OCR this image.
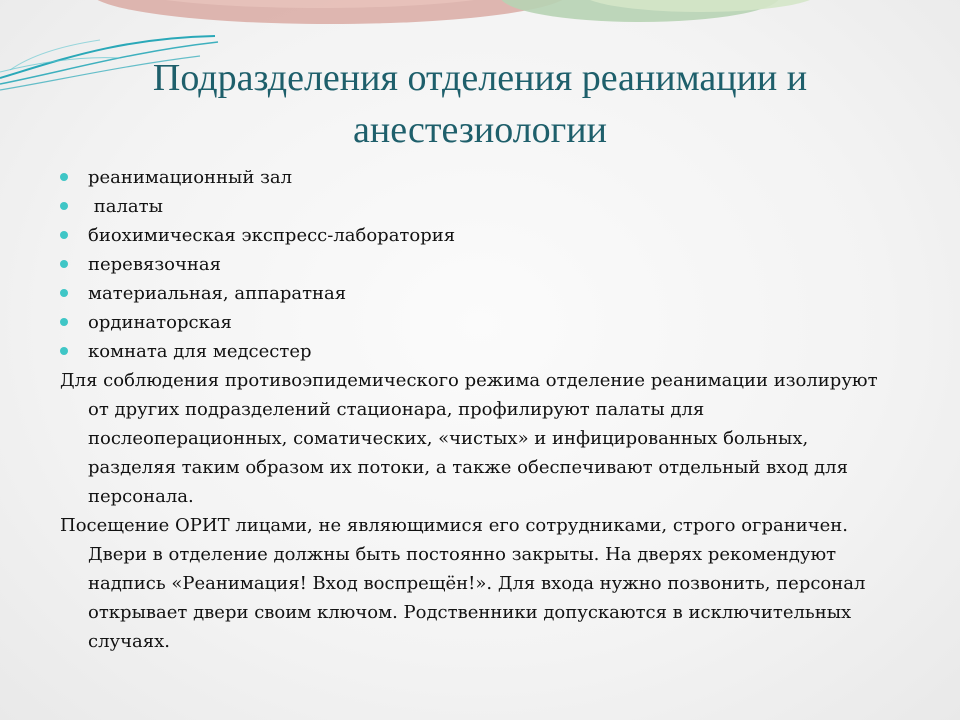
Подразделения отделения реанимации и анестезиологии
реанимационный зал
палаты
биохимическая экспресс-лаборатория
перевязочная
материальная, аппаратная
ординаторская
комната для медсестер

Для соблюдения противоэпидемического режима отделение реанимации изолируют от других подразделений стационара, профилируют палаты для послеоперационных, соматических, «чистых» и инфицированных больных, разделяя таким образом их потоки, а также обеспечивают отдельный вход для персонала.

Посещение ОРИТ лицами, не являющимися его сотрудниками, строго ограничен. Двери в отделение должны быть постоянно закрыты. На дверях рекомендуют надпись «Реанимация! Вход воспрещён!». Для входа нужно позвонить, персонал открывает двери своим ключом. Родственники допускаются в исключительных случаях.
